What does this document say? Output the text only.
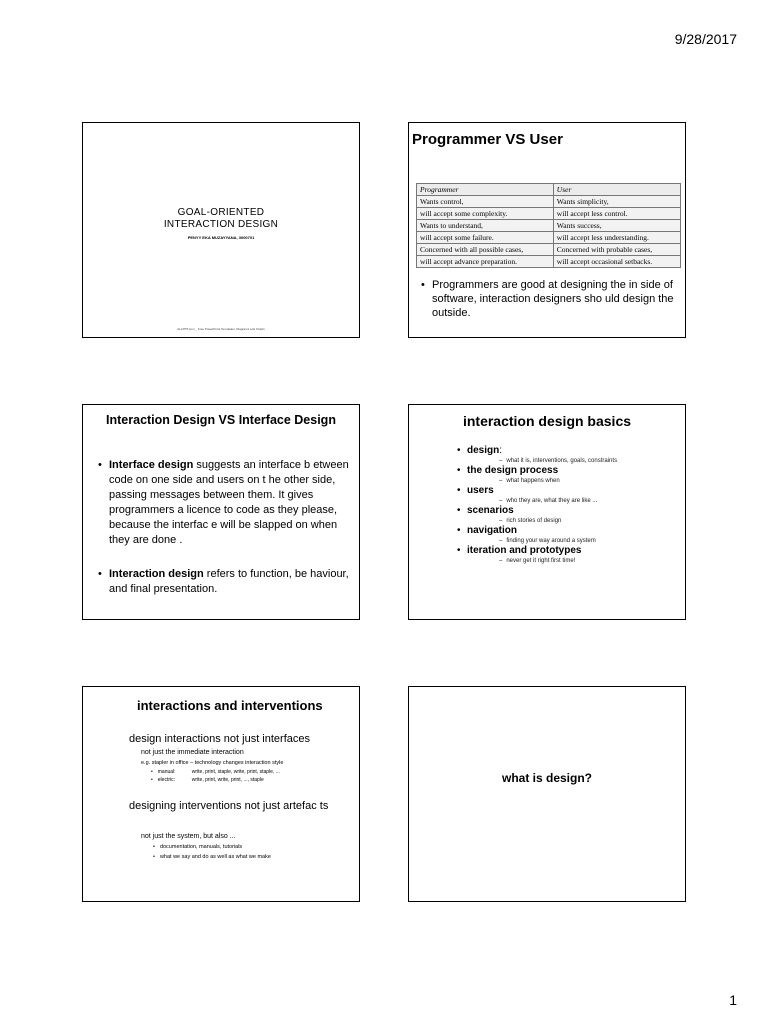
9/28/2017
GOAL-ORIENTED
INTERACTION DESIGN
PENYY EKA MUZAYYANA, 3000701
ALLPPT.com _ Free PowerPoint Templates, Diagrams and Charts
Programmer VS User
Programmer	User
Wants control,	Wants simplicity,
will accept some complexity.	will accept less control.
Wants to understand,	Wants success,
will accept some failure.	will accept less understanding.
Concerned with all possible cases,	Concerned with probable cases,
will accept advance preparation.	will accept occasional setbacks.
• Programmers are good at designing the in side of software, interaction designers sho uld design the outside.
Interaction Design VS Interface Design
• Interface design suggests an interface b etween code on one side and users on t he other side, passing messages between them. It gives programmers a licence to code as they please, because the interfac e will be slapped on when they are done .
• Interaction design refers to function, be haviour, and final presentation.
interaction design basics
• design:
– what it is, interventions, goals, constraints
• the design process
– what happens when
• users
– who they are, what they are like ...
• scenarios
– rich stories of design
• navigation
– finding your way around a system
• iteration and prototypes
– never get it right first time!
interactions and interventions
design interactions not just interfaces
not just the immediate interaction
e.g. stapler in office – technology changes interaction style
• manual:	write, print, staple, write, print, staple, ...
• electric:	write, print, write, print, ..., staple
designing interventions not just artefac ts
not just the system, but also ...
• documentation, manuals, tutorials
• what we say and do as well as what we make
what is design?
1
